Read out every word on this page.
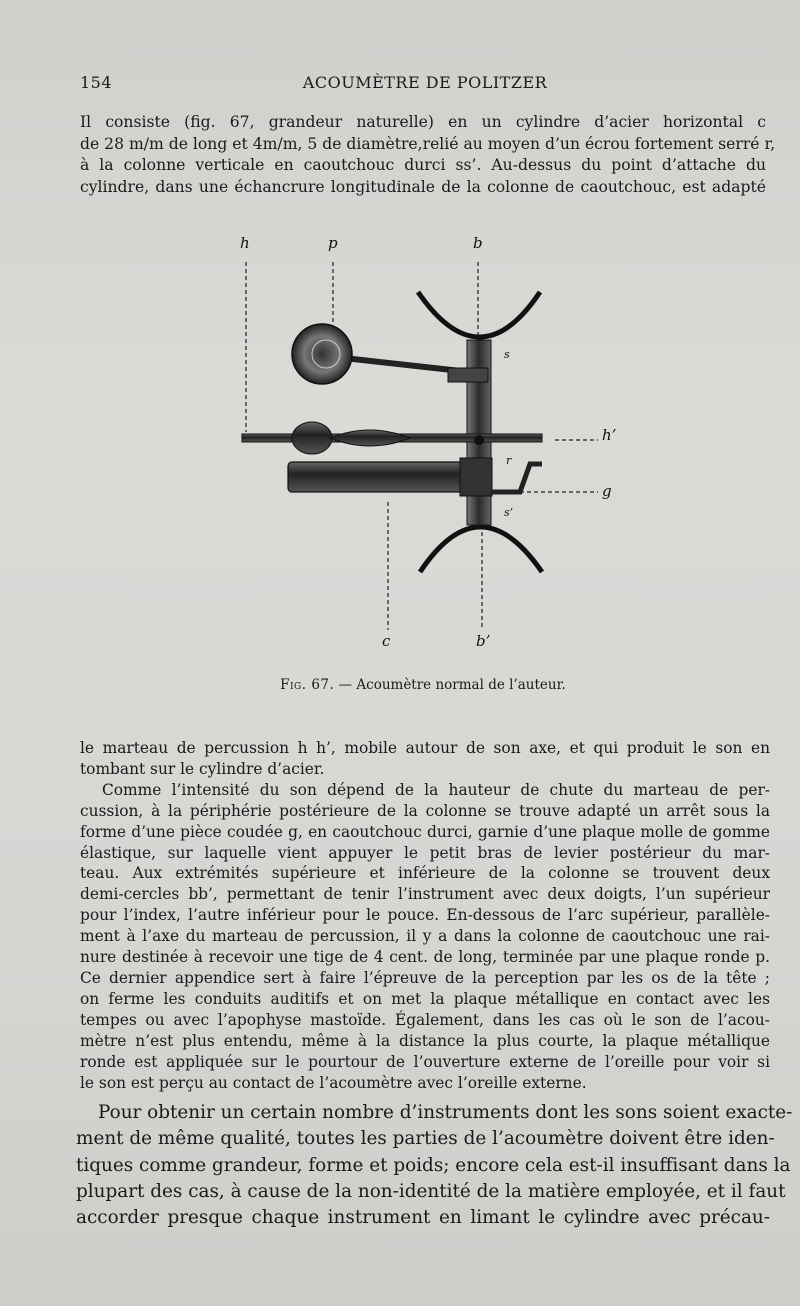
154	ACOUMÈTRE DE POLITZER
Il consiste (fig. 67, grandeur naturelle) en un cylindre d’acier horizontal c
de 28 m/m de long et 4m/m, 5 de diamètre,relié au moyen d’un écrou fortement serré r,
à la colonne verticale en caoutchouc durci ss’. Au-dessus du point d’attache du
cylindre, dans une échancrure longitudinale de la colonne de caoutchouc, est adapté
h	p	b
s
h’
r
g
s’
c	b’
Fig. 67. — Acoumètre normal de l’auteur.
le marteau de percussion h h’, mobile autour de son axe, et qui produit le son en
tombant sur le cylindre d’acier.
Comme l’intensité du son dépend de la hauteur de chute du marteau de per-
cussion, à la périphérie postérieure de la colonne se trouve adapté un arrêt sous la
forme d’une pièce coudée g, en caoutchouc durci, garnie d’une plaque molle de gomme
élastique, sur laquelle vient appuyer le petit bras de levier postérieur du mar-
teau. Aux extrémités supérieure et inférieure de la colonne se trouvent deux
demi-cercles bb’, permettant de tenir l’instrument avec deux doigts, l’un supérieur
pour l’index, l’autre inférieur pour le pouce. En-dessous de l’arc supérieur, parallèle-
ment à l’axe du marteau de percussion, il y a dans la colonne de caoutchouc une rai-
nure destinée à recevoir une tige de 4 cent. de long, terminée par une plaque ronde p.
Ce dernier appendice sert à faire l’épreuve de la perception par les os de la tête ;
on ferme les conduits auditifs et on met la plaque métallique en contact avec les
tempes ou avec l’apophyse mastoïde. Également, dans les cas où le son de l’acou-
mètre n’est plus entendu, même à la distance la plus courte, la plaque métallique
ronde est appliquée sur le pourtour de l’ouverture externe de l’oreille pour voir si
le son est perçu au contact de l’acoumètre avec l’oreille externe.
Pour obtenir un certain nombre d’instruments dont les sons soient exacte-
ment de même qualité, toutes les parties de l’acoumètre doivent être iden-
tiques comme grandeur, forme et poids; encore cela est-il insuffisant dans la
plupart des cas, à cause de la non-identité de la matière employée, et il faut
accorder presque chaque instrument en limant le cylindre avec précau-
